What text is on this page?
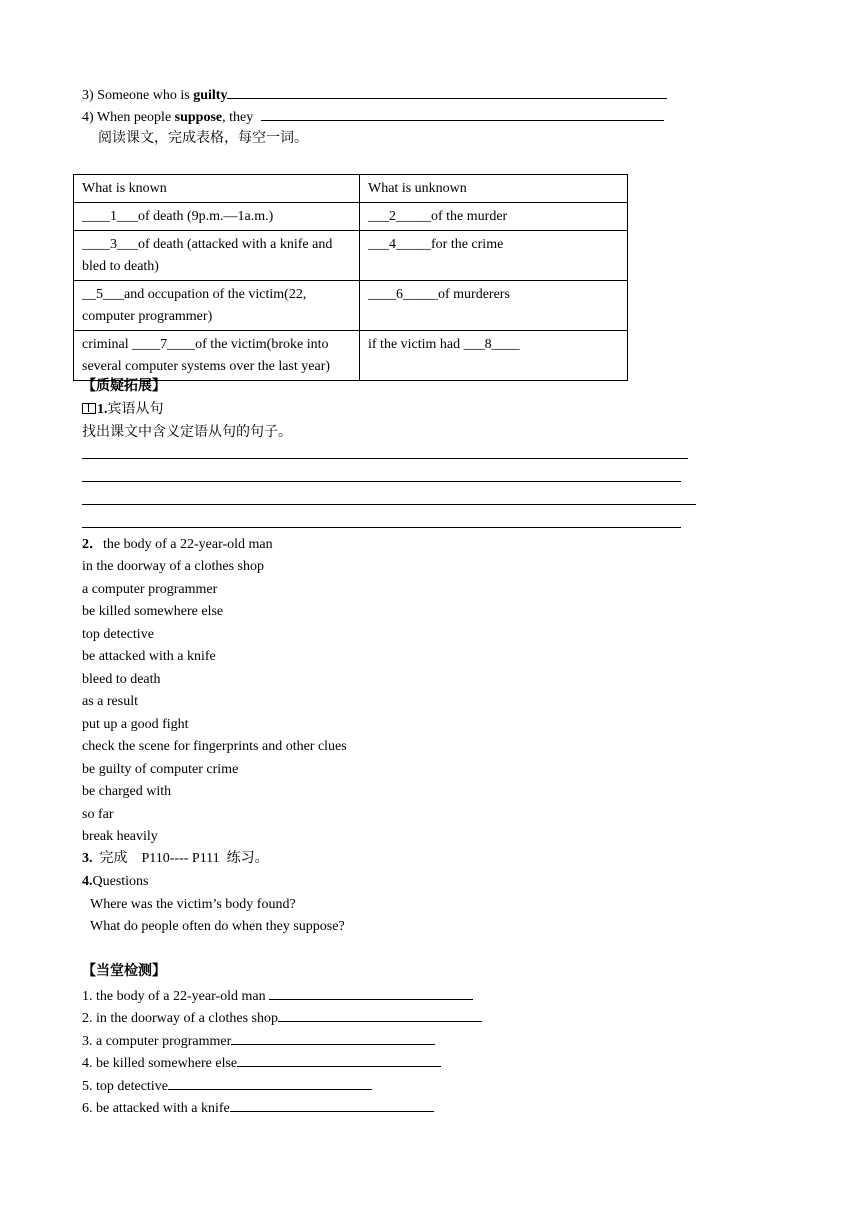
3) Someone who is guilty
4) When people suppose, they
阅读课文，完成表格，每空一词。
What is known	What is unknown
____1___of death (9p.m.—1a.m.)	___2_____of the murder
____3___of death (attacked with a knife and bled to death)	___4_____for the crime
__5___and occupation of the victim(22, computer programmer)	____6_____of murderers
criminal ____7____of the victim(broke into several computer systems over the last year)	if the victim had ___8____
【质疑拓展】
1.宾语从句
找出课文中含义定语从句的句子。
2．the body of a 22-year-old man
in the doorway of a clothes shop
a computer programmer
be killed somewhere else
top detective
be attacked with a knife
bleed to death
as a result
put up a good fight
check the scene for fingerprints and other clues
be guilty of computer crime
be charged with
so far
break heavily
3.  完成    P110---- P111  练习。
4.Questions
Where was the victim’s body found?
What do people often do when they suppose?
【当堂检测】
1. the body of a 22-year-old man
2. in the doorway of a clothes shop
3. a computer programmer
4. be killed somewhere else
5. top detective
6. be attacked with a knife
